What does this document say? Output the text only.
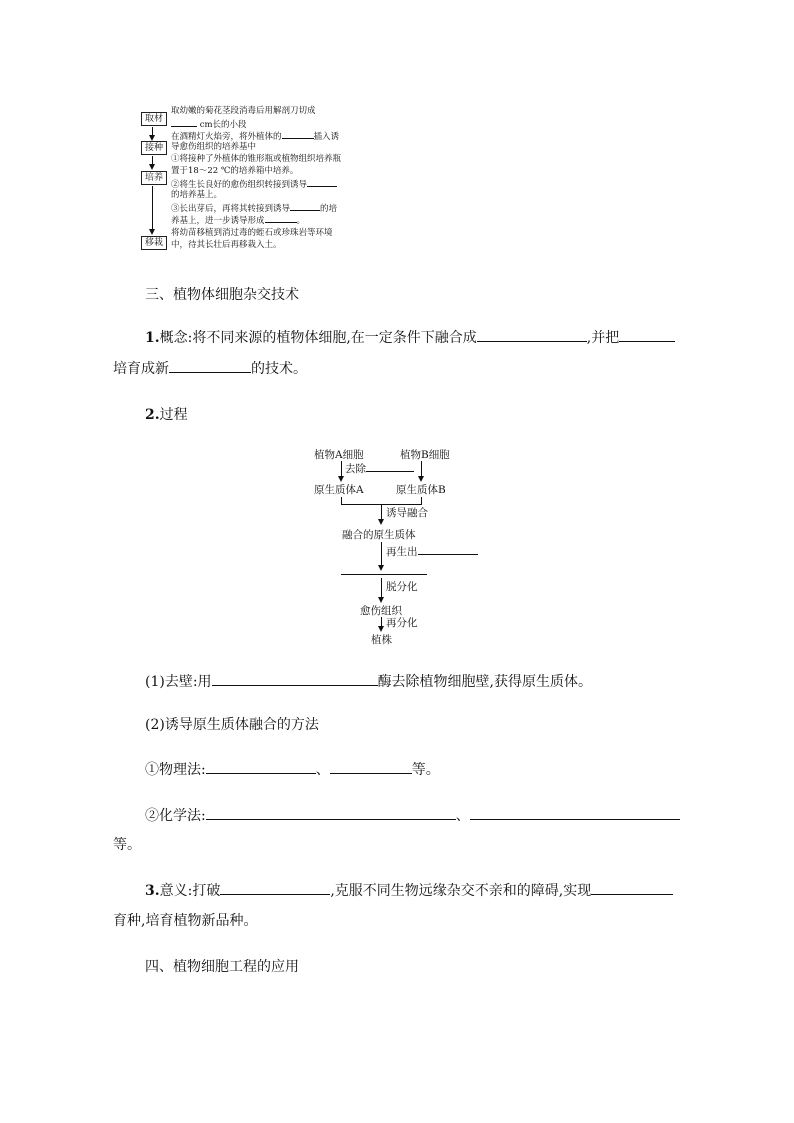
取材
接种
培养
移栽
取幼嫩的菊花茎段消毒后用解剖刀切成
cm长的小段
在酒精灯火焰旁，将外植体的	插入诱
导愈伤组织的培养基中
①将接种了外植体的锥形瓶或植物组织培养瓶
置于18～22 ℃的培养箱中培养。
②将生长良好的愈伤组织转接到诱导
的培养基上。
③长出芽后，再将其转接到诱导	的培
养基上，进一步诱导形成	。
将幼苗移植到消过毒的蛭石或珍珠岩等环境
中，待其长壮后再移栽入土。
三、植物体细胞杂交技术
1.概念:将不同来源的植物体细胞,在一定条件下融合成	,并把
培育成新	的技术。
2.过程
植物A细胞	植物B细胞
去除
原生质体A	原生质体B
诱导融合
融合的原生质体
再生出
脱分化
愈伤组织
再分化
植株
(1)去壁:用	酶去除植物细胞壁,获得原生质体。
(2)诱导原生质体融合的方法
①物理法:	、	等。
②化学法:	、
等。
3.意义:打破	,克服不同生物远缘杂交不亲和的障碍,实现
育种,培育植物新品种。
四、植物细胞工程的应用
